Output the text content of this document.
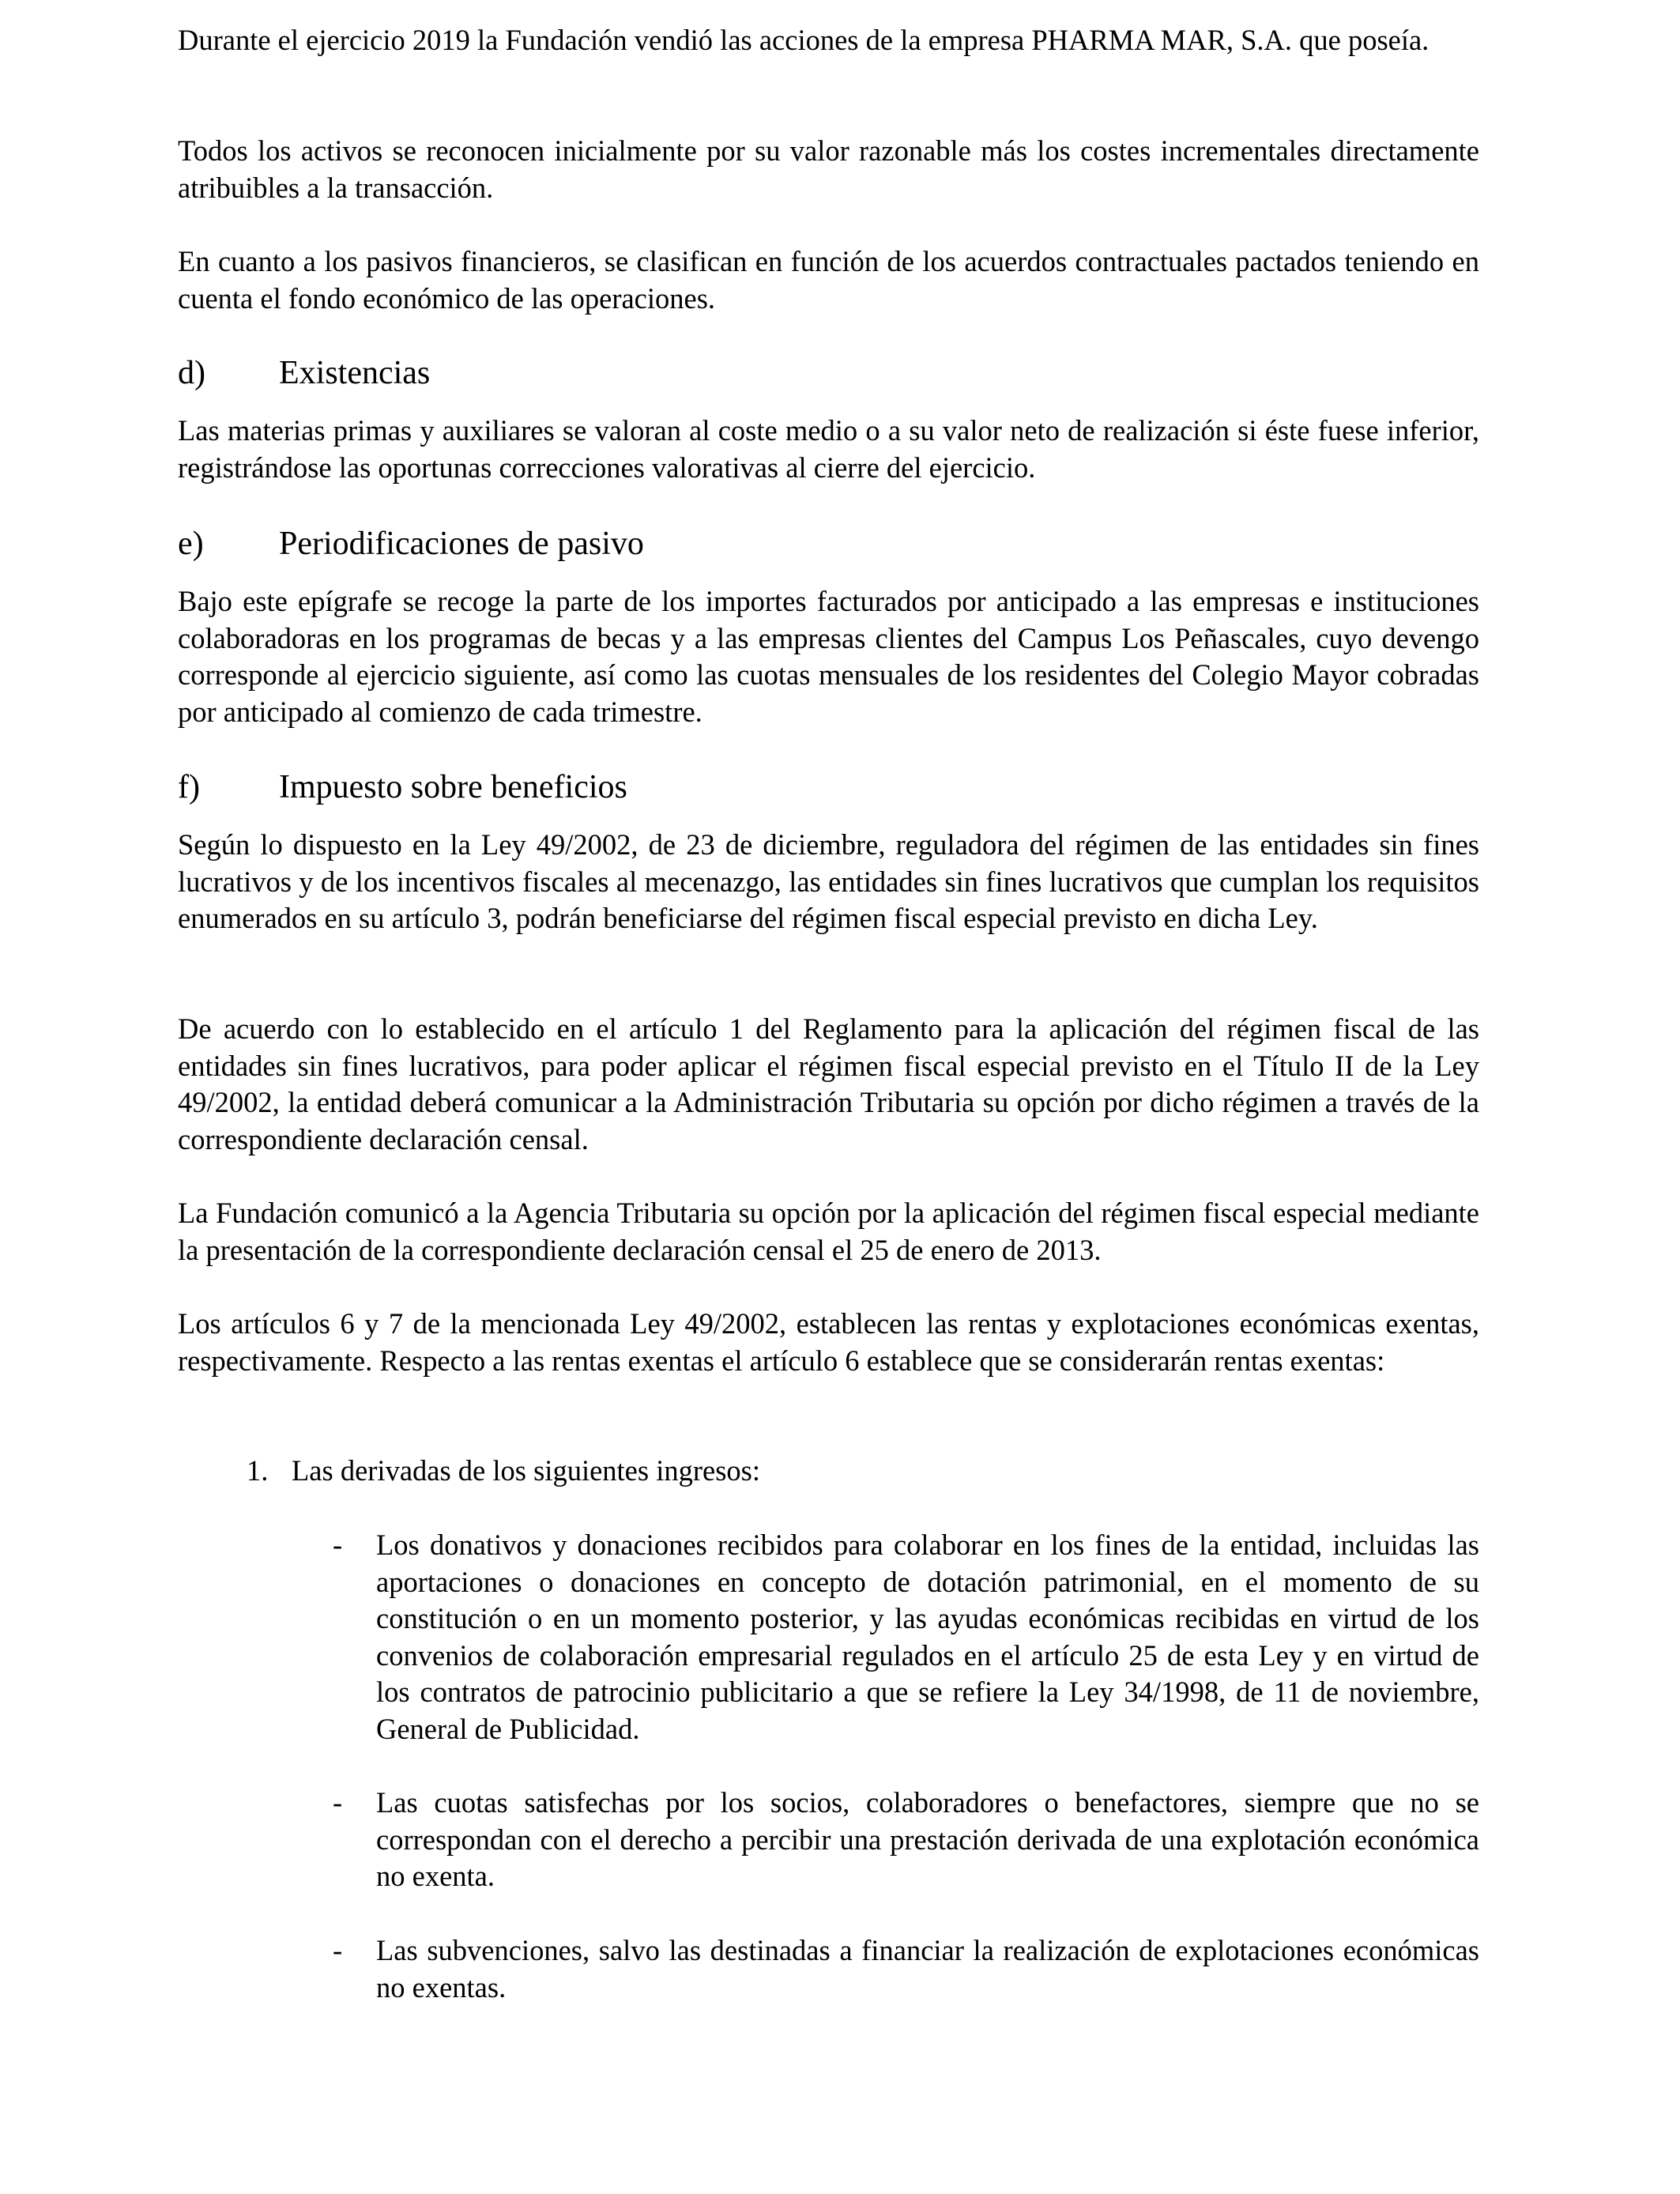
Durante el ejercicio 2019 la Fundación vendió las acciones de la empresa PHARMA MAR, S.A. que poseía.

Todos los activos se reconocen inicialmente por su valor razonable más los costes incrementales directamente atribuibles a la transacción.

En cuanto a los pasivos financieros, se clasifican en función de los acuerdos contractuales pactados teniendo en cuenta el fondo económico de las operaciones.

d) Existencias

Las materias primas y auxiliares se valoran al coste medio o a su valor neto de realización si éste fuese inferior, registrándose las oportunas correcciones valorativas al cierre del ejercicio.

e) Periodificaciones de pasivo

Bajo este epígrafe se recoge la parte de los importes facturados por anticipado a las empresas e instituciones colaboradoras en los programas de becas y a las empresas clientes del Campus Los Peñascales, cuyo devengo corresponde al ejercicio siguiente, así como las cuotas mensuales de los residentes del Colegio Mayor cobradas por anticipado al comienzo de cada trimestre.

f) Impuesto sobre beneficios

Según lo dispuesto en la Ley 49/2002, de 23 de diciembre, reguladora del régimen de las entidades sin fines lucrativos y de los incentivos fiscales al mecenazgo, las entidades sin fines lucrativos que cumplan los requisitos enumerados en su artículo 3, podrán beneficiarse del régimen fiscal especial previsto en dicha Ley.

De acuerdo con lo establecido en el artículo 1 del Reglamento para la aplicación del régimen fiscal de las entidades sin fines lucrativos, para poder aplicar el régimen fiscal especial previsto en el Título II de la Ley 49/2002, la entidad deberá comunicar a la Administración Tributaria su opción por dicho régimen a través de la correspondiente declaración censal.

La Fundación comunicó a la Agencia Tributaria su opción por la aplicación del régimen fiscal especial mediante la presentación de la correspondiente declaración censal el 25 de enero de 2013.

Los artículos 6 y 7 de la mencionada Ley 49/2002, establecen las rentas y explotaciones económicas exentas, respectivamente. Respecto a las rentas exentas el artículo 6 establece que se considerarán rentas exentas:

1. Las derivadas de los siguientes ingresos:

- Los donativos y donaciones recibidos para colaborar en los fines de la entidad, incluidas las aportaciones o donaciones en concepto de dotación patrimonial, en el momento de su constitución o en un momento posterior, y las ayudas económicas recibidas en virtud de los convenios de colaboración empresarial regulados en el artículo 25 de esta Ley y en virtud de los contratos de patrocinio publicitario a que se refiere la Ley 34/1998, de 11 de noviembre, General de Publicidad.

- Las cuotas satisfechas por los socios, colaboradores o benefactores, siempre que no se correspondan con el derecho a percibir una prestación derivada de una explotación económica no exenta.

- Las subvenciones, salvo las destinadas a financiar la realización de explotaciones económicas no exentas.
